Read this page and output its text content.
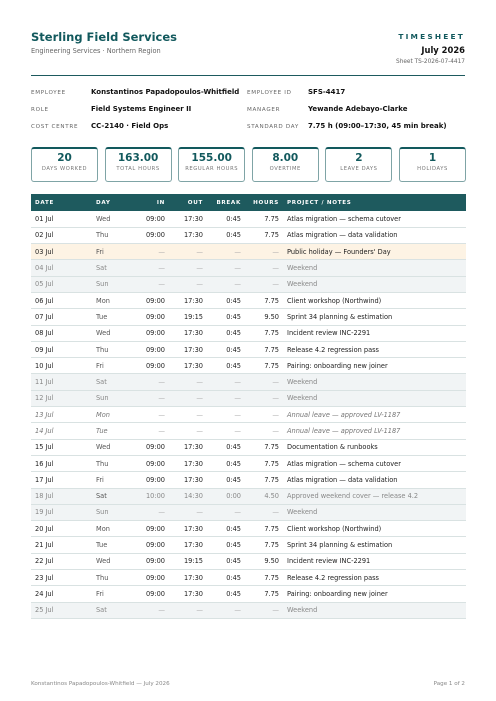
Sterling Field Services
Engineering Services · Northern Region
TIMESHEET
July 2026
Sheet TS-2026-07-4417
EMPLOYEE	Konstantinos Papadopoulos-Whitfield EMPLOYEE ID SFS-4417
ROLE	Field Systems Engineer II	MANAGER	Yewande Adebayo-Clarke
COST CENTRE CC-2140 · Field Ops	STANDARD DAY 7.75 h (09:00–17:30, 45 min break)
20
DAYS WORKED
163.00
TOTAL HOURS
155.00
REGULAR HOURS
8.00
OVERTIME
2
LEAVE DAYS
1
HOLIDAYS
DATE	DAY	IN	OUT	BREAK	HOURS	PROJECT / NOTES
01 Jul	Wed	09:00	17:30	0:45	7.75	Atlas migration — schema cutover
02 Jul	Thu	09:00	17:30	0:45	7.75	Atlas migration — data validation
03 Jul	Fri	—	—	—	—	Public holiday — Founders' Day
04 Jul	Sat	—	—	—	—	Weekend
05 Jul	Sun	—	—	—	—	Weekend
06 Jul	Mon	09:00	17:30	0:45	7.75	Client workshop (Northwind)
07 Jul	Tue	09:00	19:15	0:45	9.50	Sprint 34 planning & estimation
08 Jul	Wed	09:00	17:30	0:45	7.75	Incident review INC-2291
09 Jul	Thu	09:00	17:30	0:45	7.75	Release 4.2 regression pass
10 Jul	Fri	09:00	17:30	0:45	7.75	Pairing: onboarding new joiner
11 Jul	Sat	—	—	—	—	Weekend
12 Jul	Sun	—	—	—	—	Weekend
13 Jul	Mon	—	—	—	—	Annual leave — approved LV-1187
14 Jul	Tue	—	—	—	—	Annual leave — approved LV-1187
15 Jul	Wed	09:00	17:30	0:45	7.75	Documentation & runbooks
16 Jul	Thu	09:00	17:30	0:45	7.75	Atlas migration — schema cutover
17 Jul	Fri	09:00	17:30	0:45	7.75	Atlas migration — data validation
18 Jul	Sat	10:00	14:30	0:00	4.50	Approved weekend cover — release 4.2
19 Jul	Sun	—	—	—	—	Weekend
20 Jul	Mon	09:00	17:30	0:45	7.75	Client workshop (Northwind)
21 Jul	Tue	09:00	17:30	0:45	7.75	Sprint 34 planning & estimation
22 Jul	Wed	09:00	19:15	0:45	9.50	Incident review INC-2291
23 Jul	Thu	09:00	17:30	0:45	7.75	Release 4.2 regression pass
24 Jul	Fri	09:00	17:30	0:45	7.75	Pairing: onboarding new joiner
25 Jul	Sat	—	—	—	—	Weekend
Konstantinos Papadopoulos-Whitfield — July 2026	Page 1 of 2
